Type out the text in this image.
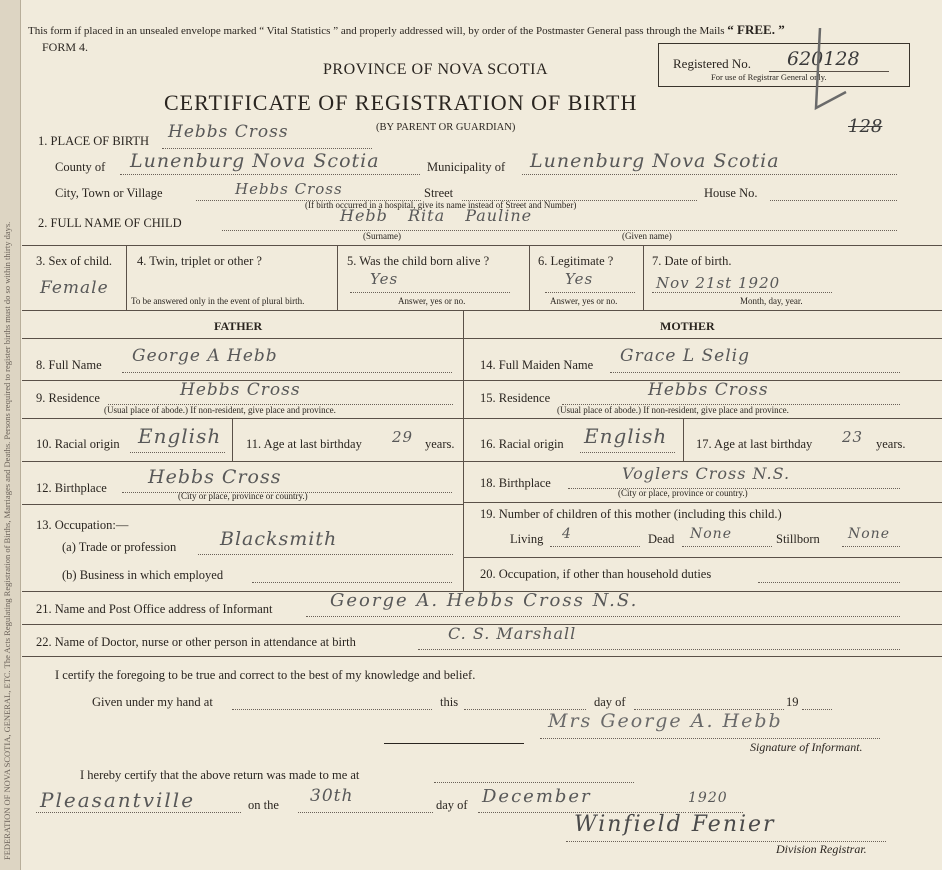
FEDERATION OF NOVA SCOTIA, GENERAL, ETC. The Acts Regulating Registration of Births, Marriages and Deaths. Persons required to register births must do so within thirty days.
This form if placed in an unsealed envelope marked “ Vital Statistics ” and properly addressed will, by order of the Postmaster General pass through the Mails “ FREE. ”
FORM 4.
Registered No. 620128
For use of Registrar General only.
PROVINCE OF NOVA SCOTIA
CERTIFICATE OF REGISTRATION OF BIRTH
(BY PARENT OR GUARDIAN)	128
1. PLACE OF BIRTH Hebbs Cross
County of Lunenburg Nova Scotia	Municipality of Lunenburg Nova Scotia
City, Town or Village	Hebbs Cross	Street	House No.
(If birth occurred in a hospital, give its name instead of Street and Number)
2. FULL NAME OF CHILD	Hebb Rita Pauline
(Surname)	(Given name)
3. Sex of child.
Female
4. Twin, triplet or other ?
To be answered only in the event of plural birth.
5. Was the child born alive ?
Yes
Answer, yes or no.
6. Legitimate ?
Yes
Answer, yes or no.
7. Date of birth.
Nov 21st 1920
Month, day, year.
FATHER	MOTHER
8. Full Name George A Hebb
9. Residence	Hebbs Cross
(Usual place of abode.) If non-resident, give place and province.
10. Racial origin English 11. Age at last birthday 29 years.
12. Birthplace Hebbs Cross
(City or place, province or country.)
13. Occupation:—
(a) Trade or profession Blacksmith
(b) Business in which employed
14. Full Maiden Name Grace L Selig
15. Residence	Hebbs Cross
(Usual place of abode.) If non-resident, give place and province.
16. Racial origin English 17. Age at last birthday 23 years.
18. Birthplace	Voglers Cross N.S.
(City or place, province or country.)
19. Number of children of this mother (including this child.)
Living 4	Dead None	Stillborn None
20. Occupation, if other than household duties
21. Name and Post Office address of Informant	George A. Hebbs Cross N.S.
22. Name of Doctor, nurse or other person in attendance at birth	C. S. Marshall
I certify the foregoing to be true and correct to the best of my knowledge and belief.
Given under my hand at	this	day of	19
Mrs George A. Hebb
Signature of Informant.
I hereby certify that the above return was made to me at
Pleasantville	on the 30th	day of December	1920
Winfield Fenier
Division Registrar.
